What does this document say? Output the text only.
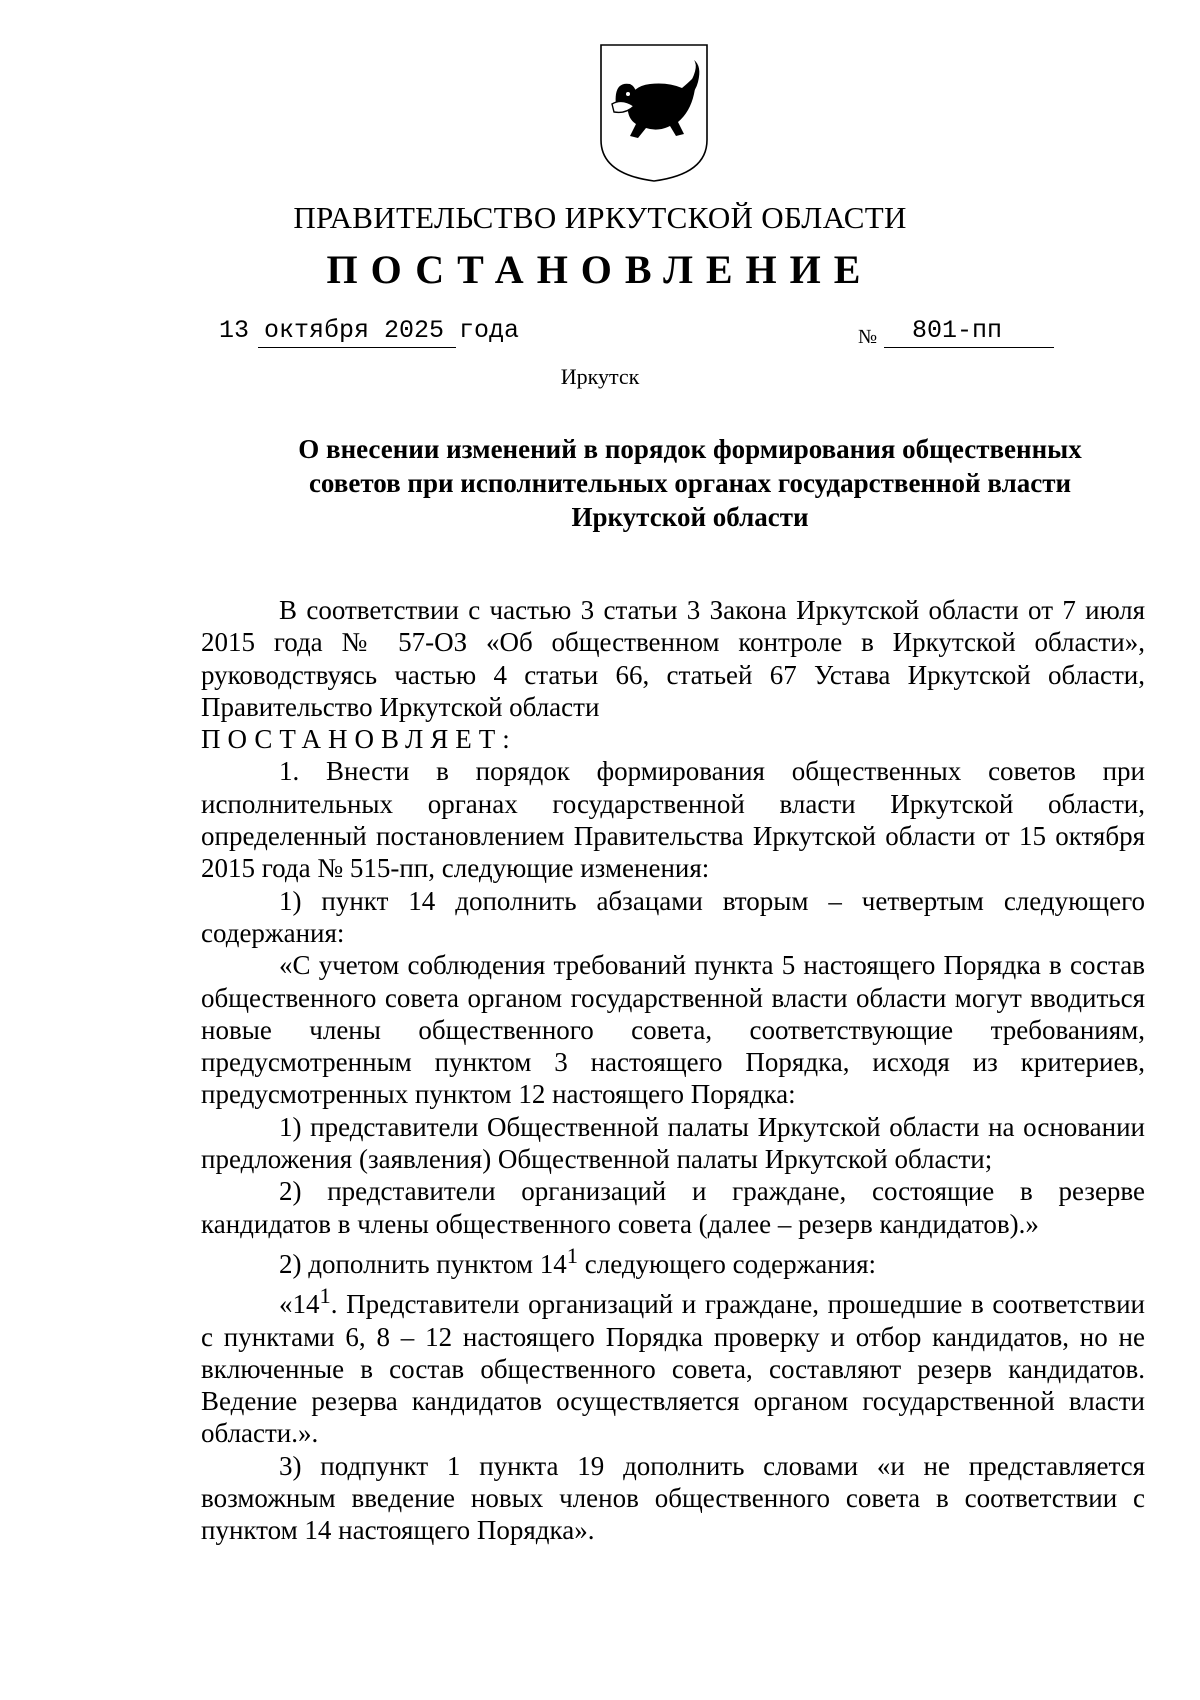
ПРАВИТЕЛЬСТВО ИРКУТСКОЙ ОБЛАСТИ
ПОСТАНОВЛЕНИЕ
13 октября 2025 года	№ 801-пп
Иркутск
О внесении изменений в порядок формирования общественных
советов при исполнительных органах государственной власти
Иркутской области

В соответствии с частью 3 статьи 3 Закона Иркутской области от 7 июля 2015 года № 57-ОЗ «Об общественном контроле в Иркутской области», руководствуясь частью 4 статьи 66, статьей 67 Устава Иркутской области, Правительство Иркутской области

ПОСТАНОВЛЯЕТ:

1. Внести в порядок формирования общественных советов при исполнительных органах государственной власти Иркутской области, определенный постановлением Правительства Иркутской области от 15 октября 2015 года № 515-пп, следующие изменения:

1) пункт 14 дополнить абзацами вторым – четвертым следующего содержания:

«С учетом соблюдения требований пункта 5 настоящего Порядка в состав общественного совета органом государственной власти области могут вводиться новые члены общественного совета, соответствующие требованиям, предусмотренным пунктом 3 настоящего Порядка, исходя из критериев, предусмотренных пунктом 12 настоящего Порядка:

1) представители Общественной палаты Иркутской области на основании предложения (заявления) Общественной палаты Иркутской области;

2) представители организаций и граждане, состоящие в резерве кандидатов в члены общественного совета (далее – резерв кандидатов).»

2) дополнить пунктом $14^1$ следующего содержания:

«$14^1$. Представители организаций и граждане, прошедшие в соответствии с пунктами 6, 8 – 12 настоящего Порядка проверку и отбор кандидатов, но не включенные в состав общественного совета, составляют резерв кандидатов. Ведение резерва кандидатов осуществляется органом государственной власти области.».

3) подпункт 1 пункта 19 дополнить словами «и не представляется возможным введение новых членов общественного совета в соответствии с пунктом 14 настоящего Порядка».
